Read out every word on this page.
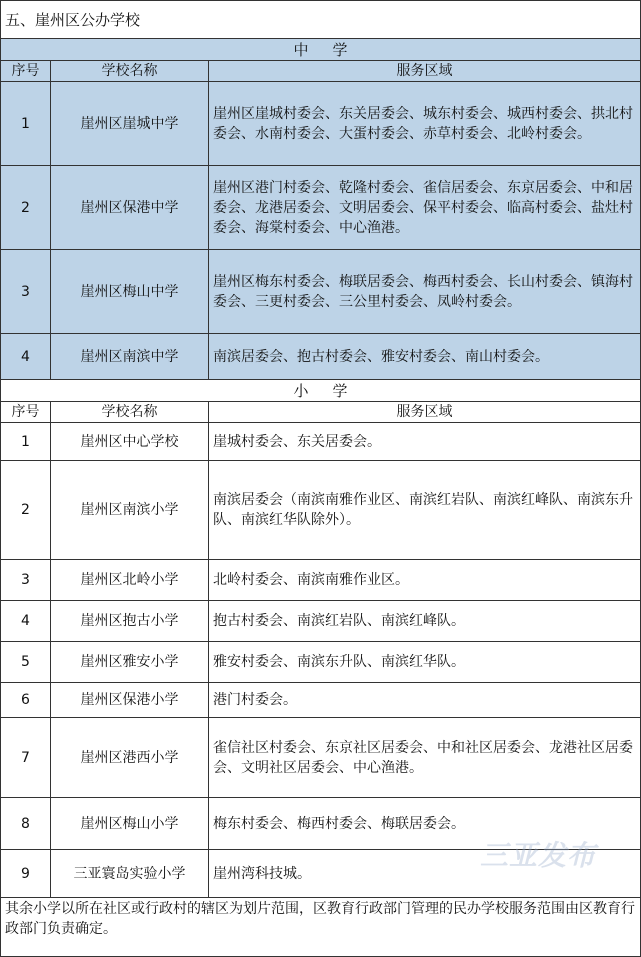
五、崖州区公办学校		
中学		
序号	学校名称	服务区域
1	崖州区崖城中学	崖州区崖城村委会、东关居委会、城东村委会、城西村委会、拱北村委会、水南村委会、大蛋村委会、赤草村委会、北岭村委会。
2	崖州区保港中学	崖州区港门村委会、乾隆村委会、雀信居委会、东京居委会、中和居委会、龙港居委会、文明居委会、保平村委会、临高村委会、盐灶村委会、海棠村委会、中心渔港。
3	崖州区梅山中学	崖州区梅东村委会、梅联居委会、梅西村委会、长山村委会、镇海村委会、三更村委会、三公里村委会、凤岭村委会。
4	崖州区南滨中学	南滨居委会、抱古村委会、雅安村委会、南山村委会。
小学		
序号	学校名称	服务区域
1	崖州区中心学校	崖城村委会、东关居委会。
2	崖州区南滨小学	南滨居委会（南滨南雅作业区、南滨红岩队、南滨红峰队、南滨东升队、南滨红华队除外）。
3	崖州区北岭小学	北岭村委会、南滨南雅作业区。
4	崖州区抱古小学	抱古村委会、南滨红岩队、南滨红峰队。
5	崖州区雅安小学	雅安村委会、南滨东升队、南滨红华队。
6	崖州区保港小学	港门村委会。
7	崖州区港西小学	雀信社区村委会、东京社区居委会、中和社区居委会、龙港社区居委会、文明社区居委会、中心渔港。
8	崖州区梅山小学	梅东村委会、梅西村委会、梅联居委会。
9	三亚寰岛实验小学	崖州湾科技城。
其余小学以所在社区或行政村的辖区为划片范围，区教育行政部门管理的民办学校服务范围由区教育行政部门负责确定。		
三亚发布
